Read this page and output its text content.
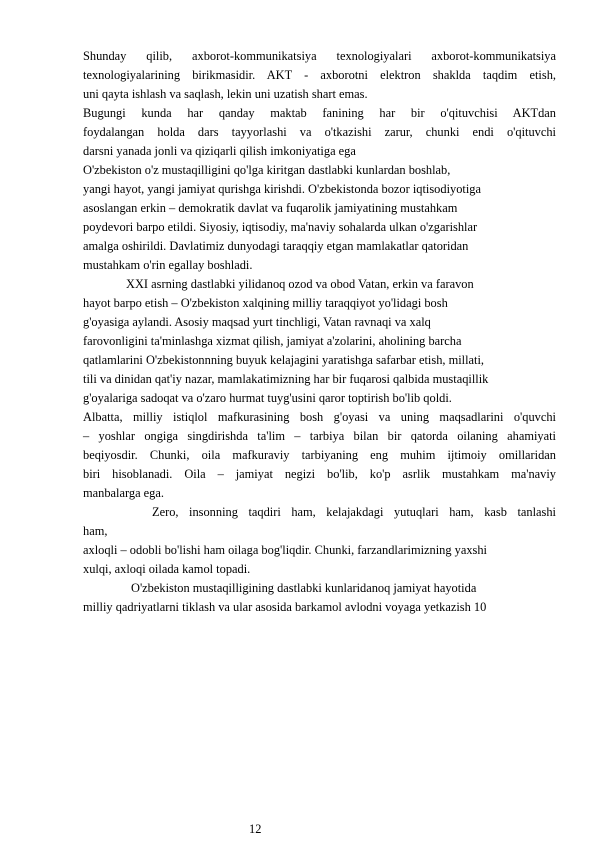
Shunday qilib, axborot-kommunikatsiya texnologiyalari axborot-kommunikatsiya
texnologiyalarining birikmasidir. AKT - axborotni elektron shaklda taqdim etish,
uni qayta ishlash va saqlash, lekin uni uzatish shart emas.
Bugungi kunda har qanday maktab fanining har bir o'qituvchisi AKTdan
foydalangan holda dars tayyorlashi va o'tkazishi zarur, chunki endi o'qituvchi
darsni yanada jonli va qiziqarli qilish imkoniyatiga ega
O'zbekiston o'z mustaqilligini qo'lga kiritgan dastlabki kunlardan boshlab,
yangi hayot, yangi jamiyat qurishga kirishdi. O'zbekistonda bozor iqtisodiyotiga
asoslangan erkin – demokratik davlat va fuqarolik jamiyatining mustahkam
poydevori barpo etildi. Siyosiy, iqtisodiy, ma'naviy sohalarda ulkan o'zgarishlar
amalga oshirildi. Davlatimiz dunyodagi taraqqiy etgan mamlakatlar qatoridan
mustahkam o'rin egallay boshladi.
XXI asrning dastlabki yilidanoq ozod va obod Vatan, erkin va faravon
hayot barpo etish – O'zbekiston xalqining milliy taraqqiyot yo'lidagi bosh
g'oyasiga aylandi. Asosiy maqsad yurt tinchligi, Vatan ravnaqi va xalq
farovonligini ta'minlashga xizmat qilish, jamiyat a'zolarini, aholining barcha
qatlamlarini O'zbekistonnning buyuk kelajagini yaratishga safarbar etish, millati,
tili va dinidan qat'iy nazar, mamlakatimizning har bir fuqarosi qalbida mustaqillik
g'oyalariga sadoqat va o'zaro hurmat tuyg'usini qaror toptirish bo'lib qoldi.
Albatta, milliy istiqlol mafkurasining bosh g'oyasi va uning maqsadlarini o'quvchi
– yoshlar ongiga singdirishda ta'lim – tarbiya bilan bir qatorda oilaning ahamiyati
beqiyosdir. Chunki, oila mafkuraviy tarbiyaning eng muhim ijtimoiy omillaridan
biri hisoblanadi. Oila – jamiyat negizi bo'lib, ko'p asrlik mustahkam ma'naviy
manbalarga ega.
Zero, insonning taqdiri ham, kelajakdagi yutuqlari ham, kasb tanlashi
ham,
axloqli – odobli bo'lishi ham oilaga bog'liqdir. Chunki, farzandlarimizning yaxshi
xulqi, axloqi oilada kamol topadi.
O'zbekiston mustaqilligining dastlabki kunlaridanoq jamiyat hayotida
milliy qadriyatlarni tiklash va ular asosida barkamol avlodni voyaga yetkazish 10
12
